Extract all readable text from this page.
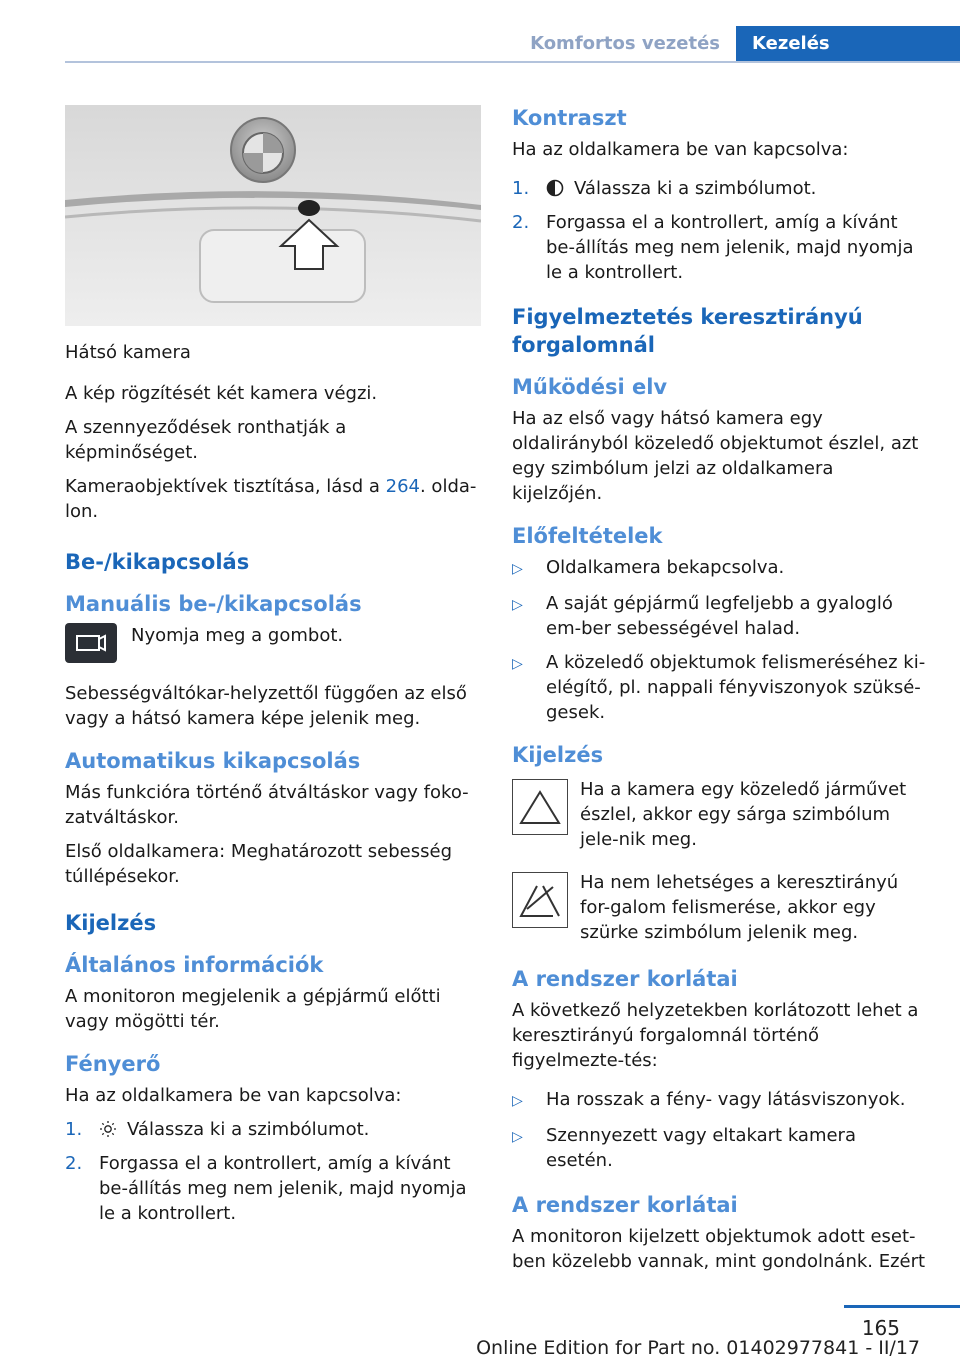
Komfortos vezetés	Kezelés

Hátsó kamera

A kép rögzítését két kamera végzi.

A szennyeződések ronthatják a képminőséget.

Kameraobjektívek tisztítása, lásd a 264. olda-lon.

Be-/kikapcsolás
Manuális be-/kikapcsolás
Nyomja meg a gombot.

Sebességváltókar-helyzettől függően az első vagy a hátsó kamera képe jelenik meg.

Automatikus kikapcsolás

Más funkcióra történő átváltáskor vagy foko-zatváltáskor.

Első oldalkamera: Meghatározott sebesség túllépésekor.

Kijelzés
Általános információk

A monitoron megjelenik a gépjármű előtti vagy mögötti tér.

Fényerő

Ha az oldalkamera be van kapcsolva:

1.	Válassza ki a szimbólumot.
2. Forgassa el a kontrollert, amíg a kívánt be-állítás meg nem jelenik, majd nyomja le a kontrollert.
Kontraszt

Ha az oldalkamera be van kapcsolva:

1.	Válassza ki a szimbólumot.
2. Forgassa el a kontrollert, amíg a kívánt be-állítás meg nem jelenik, majd nyomja le a kontrollert.
Figyelmeztetés keresztirányú forgalomnál
Működési elv

Ha az első vagy hátsó kamera egy oldalirányból közeledő objektumot észlel, azt egy szimbólum jelzi az oldalkamera kijelzőjén.

Előfeltételek
▷	Oldalkamera bekapcsolva.
▷	A saját gépjármű legfeljebb a gyalogló em-ber sebességével halad.
▷	A közeledő objektumok felismeréséhez ki-elégítő, pl. nappali fényviszonyok szüksé-gesek.
Kijelzés
Ha a kamera egy közeledő járművet észlel, akkor egy sárga szimbólum jele-nik meg.
Ha nem lehetséges a keresztirányú for-galom felismerése, akkor egy szürke szimbólum jelenik meg.
A rendszer korlátai

A következő helyzetekben korlátozott lehet a keresztirányú forgalomnál történő figyelmezte-tés:

▷	Ha rosszak a fény- vagy látásviszonyok.
▷	Szennyezett vagy eltakart kamera esetén.
A rendszer korlátai

A monitoron kijelzett objektumok adott eset-ben közelebb vannak, mint gondolnánk. Ezért

165
Online Edition for Part no. 01402977841 - II/17
